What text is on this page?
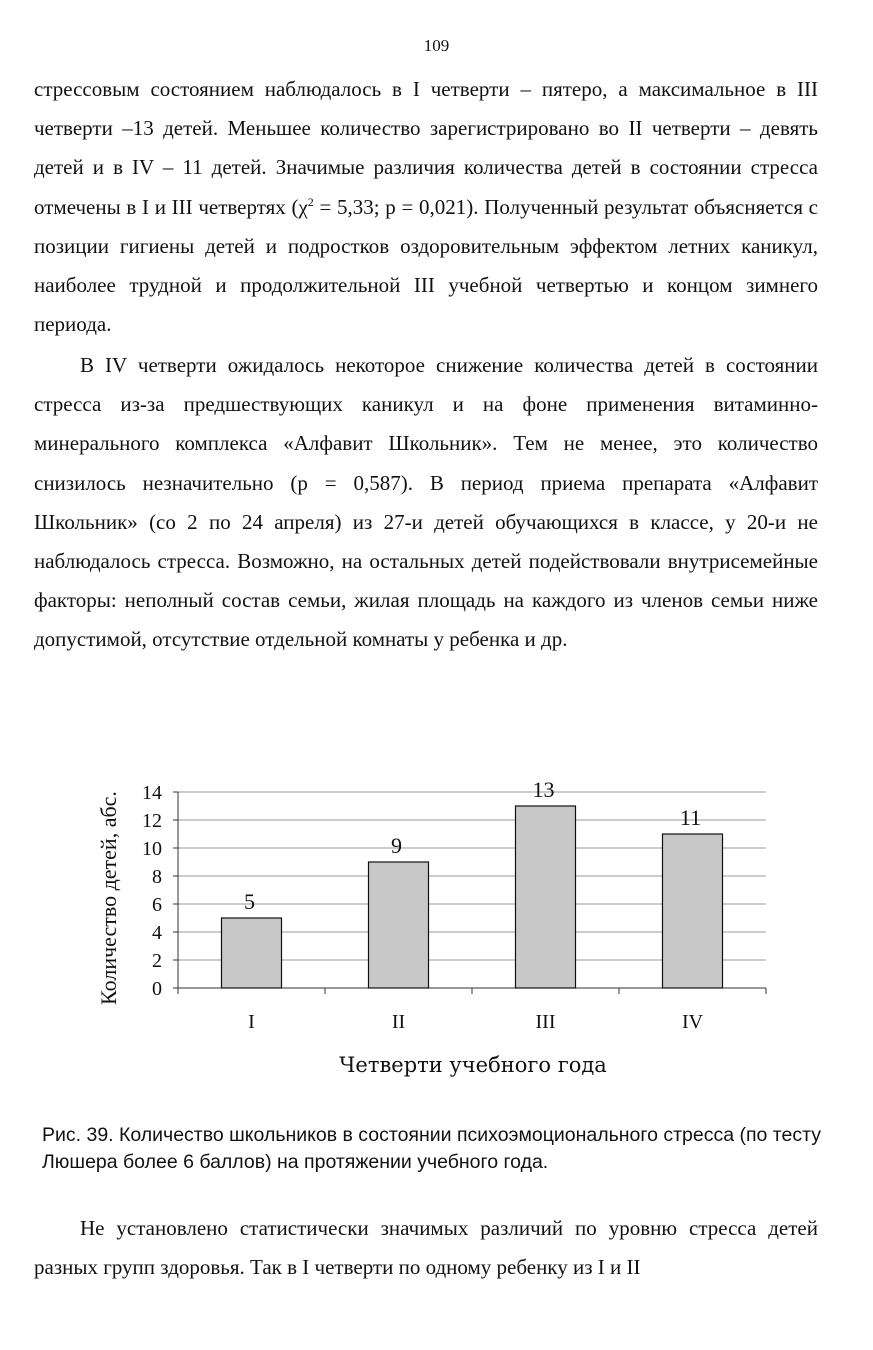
109

стрессовым состоянием наблюдалось в I четверти – пятеро, а максимальное в III четверти –13 детей. Меньшее количество зарегистрировано во II четверти – девять детей и в IV – 11 детей. Значимые различия количества детей в состоянии стресса отмечены в I и III четвертях ($\chi^2 = 5,33$; p = 0,021). Полученный результат объясняется с позиции гигиены детей и подростков оздоровительным эффектом летних каникул, наиболее трудной и продолжительной III учебной четвертью и концом зимнего периода.

В IV четверти ожидалось некоторое снижение количества детей в состоянии стресса из-за предшествующих каникул и на фоне применения витаминно-минерального комплекса «Алфавит Школьник». Тем не менее, это количество снизилось незначительно (р = 0,587). В период приема препарата «Алфавит Школьник» (со 2 по 24 апреля) из 27-и детей обучающихся в классе, у 20-и не наблюдалось стресса. Возможно, на остальных детей подействовали внутрисемейные факторы: неполный состав семьи, жилая площадь на каждого из членов семьи ниже допустимой, отсутствие отдельной комнаты у ребенка и др.

0
2
4
6
8
10
12
14
I	II	III	IV
5
9
13
11
Количество детей, абс.
Четверти учебного года

Рис. 39. Количество школьников в состоянии психоэмоционального стресса (по тесту Люшера более 6 баллов) на протяжении учебного года.

Не установлено статистически значимых различий по уровню стресса детей разных групп здоровья. Так в I четверти по одному ребенку из I и II
